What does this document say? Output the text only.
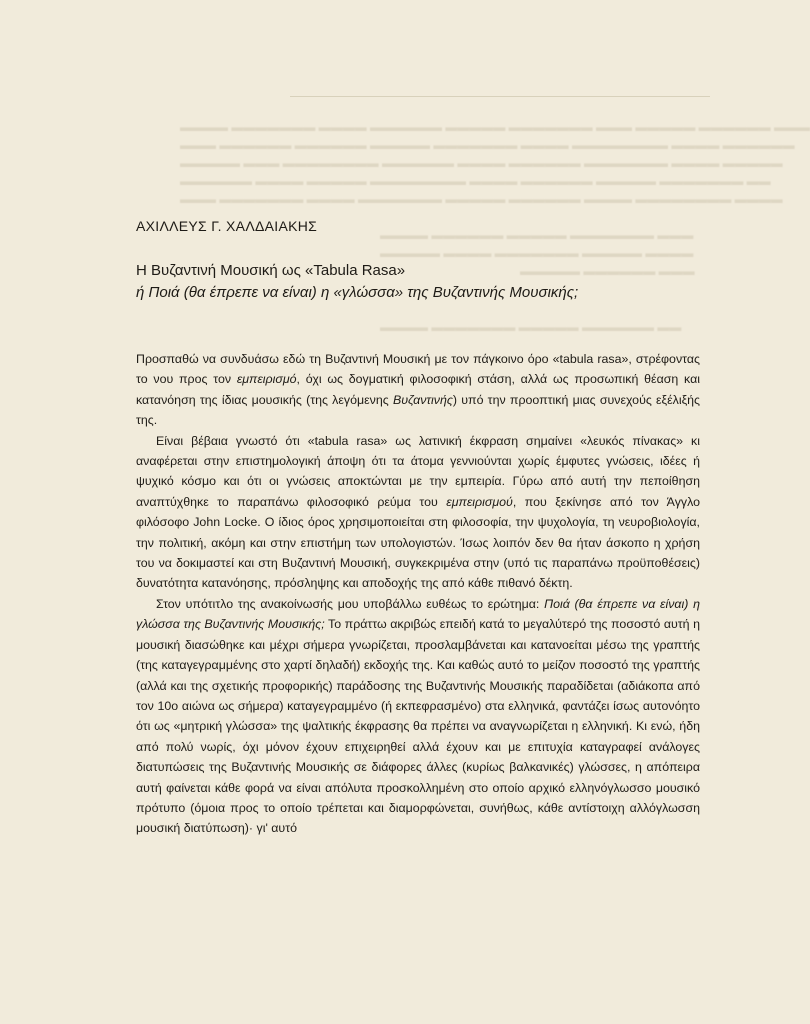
▬▬▬▬ ▬▬▬▬▬▬▬ ▬▬▬▬ ▬▬▬▬▬▬ ▬▬▬▬▬ ▬▬▬▬▬▬▬ ▬▬▬ ▬▬▬▬▬ ▬▬▬▬▬▬ ▬▬▬
▬▬▬ ▬▬▬▬▬▬ ▬▬▬▬▬▬ ▬▬▬▬▬ ▬▬▬▬▬▬▬ ▬▬▬▬ ▬▬▬▬▬▬▬▬ ▬▬▬▬ ▬▬▬▬▬▬
▬▬▬▬▬ ▬▬▬ ▬▬▬▬▬▬▬▬ ▬▬▬▬▬▬ ▬▬▬▬ ▬▬▬▬▬▬ ▬▬▬▬▬▬▬ ▬▬▬▬ ▬▬▬▬▬
▬▬▬▬▬▬ ▬▬▬▬ ▬▬▬▬▬ ▬▬▬▬▬▬▬▬ ▬▬▬▬ ▬▬▬▬▬▬ ▬▬▬▬▬ ▬▬▬▬▬▬▬ ▬▬
▬▬▬ ▬▬▬▬▬▬▬ ▬▬▬▬ ▬▬▬▬▬▬▬ ▬▬▬▬▬ ▬▬▬▬▬▬ ▬▬▬▬ ▬▬▬▬▬▬▬▬ ▬▬▬▬
▬▬▬▬ ▬▬▬▬▬▬ ▬▬▬▬▬ ▬▬▬▬▬▬▬ ▬▬▬
▬▬▬▬▬ ▬▬▬▬ ▬▬▬▬▬▬▬ ▬▬▬▬▬ ▬▬▬▬
▬▬▬▬▬ ▬▬▬▬▬▬ ▬▬▬
▬▬▬▬ ▬▬▬▬▬▬▬ ▬▬▬▬▬ ▬▬▬▬▬▬ ▬▬
ΑΧΙΛΛΕΥΣ Γ. ΧΑΛΔΑΙΑΚΗΣ
Η Βυζαντινή Μουσική ως «Tabula Rasa»
ή Ποιά (θα έπρεπε να είναι) η «γλώσσα» της Βυζαντινής Μουσικής;

Προσπαθώ να συνδυάσω εδώ τη Βυζαντινή Μουσική με τον πάγκοινο όρο «tabula rasa», στρέφοντας το νου προς τον εμπειρισμό, όχι ως δογματική φιλοσοφική στάση, αλλά ως προσωπική θέαση και κατανόηση της ίδιας μουσικής (της λεγόμενης Βυζαντινής) υπό την προοπτική μιας συνεχούς εξέλιξής της.

Είναι βέβαια γνωστό ότι «tabula rasa» ως λατινική έκφραση σημαίνει «λευκός πίνακας» κι αναφέρεται στην επιστημολογική άποψη ότι τα άτομα γεννιούνται χωρίς έμφυτες γνώσεις, ιδέες ή ψυχικό κόσμο και ότι οι γνώσεις αποκτώνται με την εμπειρία. Γύρω από αυτή την πεποίθηση αναπτύχθηκε το παραπάνω φιλοσοφικό ρεύμα του εμπειρισμού, που ξεκίνησε από τον Άγγλο φιλόσοφο John Locke. Ο ίδιος όρος χρησιμοποιείται στη φιλοσοφία, την ψυχολογία, τη νευροβιολογία, την πολιτική, ακόμη και στην επιστήμη των υπολογιστών. Ίσως λοιπόν δεν θα ήταν άσκοπο η χρήση του να δοκιμαστεί και στη Βυζαντινή Μουσική, συγκεκριμένα στην (υπό τις παραπάνω προϋποθέσεις) δυνατότητα κατανόησης, πρόσληψης και αποδοχής της από κάθε πιθανό δέκτη.

Στον υπότιτλο της ανακοίνωσής μου υποβάλλω ευθέως το ερώτημα: Ποιά (θα έπρεπε να είναι) η γλώσσα της Βυζαντινής Μουσικής; Το πράττω ακριβώς επειδή κατά το μεγαλύτερό της ποσοστό αυτή η μουσική διασώθηκε και μέχρι σήμερα γνωρίζεται, προσλαμβάνεται και κατανοείται μέσω της γραπτής (της καταγεγραμμένης στο χαρτί δηλαδή) εκδοχής της. Και καθώς αυτό το μείζον ποσοστό της γραπτής (αλλά και της σχετικής προφορικής) παράδοσης της Βυζαντινής Μουσικής παραδίδεται (αδιάκοπα από τον 10ο αιώνα ως σήμερα) καταγεγραμμένο (ή εκπεφρασμένο) στα ελληνικά, φαντάζει ίσως αυτονόητο ότι ως «μητρική γλώσσα» της ψαλτικής έκφρασης θα πρέπει να αναγνωρίζεται η ελληνική. Κι ενώ, ήδη από πολύ νωρίς, όχι μόνον έχουν επιχειρηθεί αλλά έχουν και με επιτυχία καταγραφεί ανάλογες διατυπώσεις της Βυζαντινής Μουσικής σε διάφορες άλλες (κυρίως βαλκανικές) γλώσσες, η απόπειρα αυτή φαίνεται κάθε φορά να είναι απόλυτα προσκολλημένη στο οποίο αρχικό ελληνόγλωσσο μουσικό πρότυπο (όμοια προς το οποίο τρέπεται και διαμορφώνεται, συνήθως, κάθε αντίστοιχη αλλόγλωσση μουσική διατύπωση)· γι' αυτό
